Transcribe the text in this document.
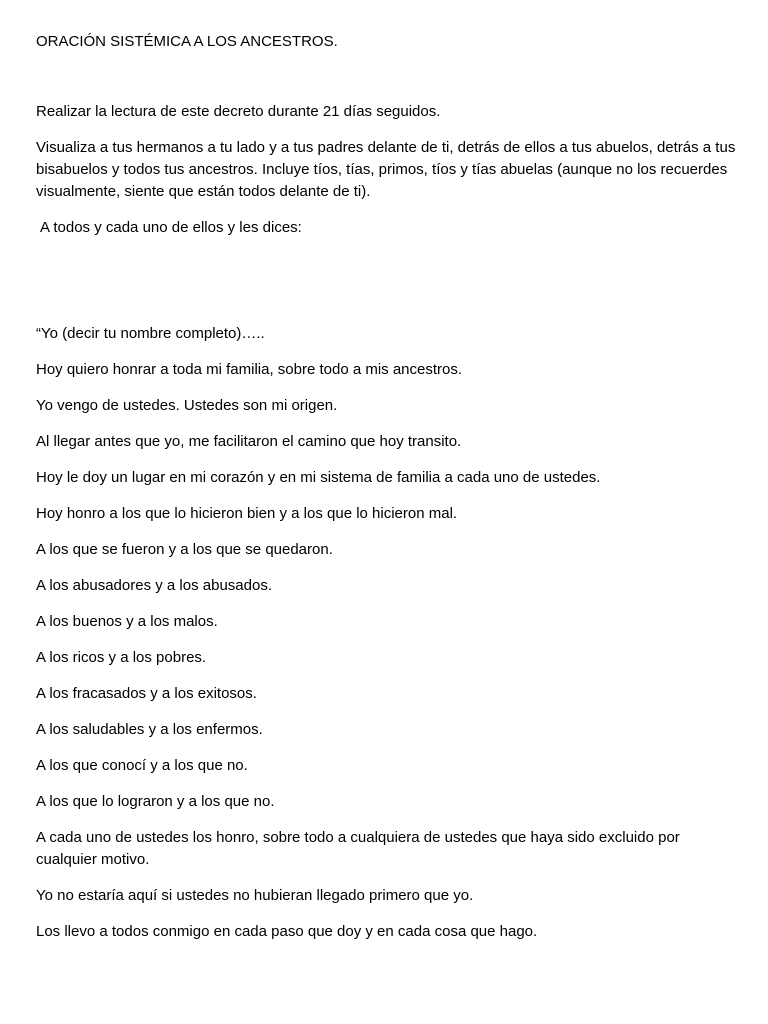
ORACIÓN SISTÉMICA A LOS ANCESTROS.

Realizar la lectura de este decreto durante 21 días seguidos.

Visualiza a tus hermanos a tu lado y a tus padres delante de ti, detrás de ellos a tus abuelos, detrás a tus bisabuelos y todos tus ancestros. Incluye tíos, tías, primos, tíos y tías abuelas (aunque no los recuerdes visualmente, siente que están todos delante de ti).

A todos y cada uno de ellos y les dices:

“Yo (decir tu nombre completo)…..

Hoy quiero honrar a toda mi familia, sobre todo a mis ancestros.

Yo vengo de ustedes. Ustedes son mi origen.

Al llegar antes que yo, me facilitaron el camino que hoy transito.

Hoy le doy un lugar en mi corazón y en mi sistema de familia a cada uno de ustedes.

Hoy honro a los que lo hicieron bien y a los que lo hicieron mal.

A los que se fueron y a los que se quedaron.

A los abusadores y a los abusados.

A los buenos y a los malos.

A los ricos y a los pobres.

A los fracasados y a los exitosos.

A los saludables y a los enfermos.

A los que conocí y a los que no.

A los que lo lograron y a los que no.

A cada uno de ustedes los honro, sobre todo a cualquiera de ustedes que haya sido excluido por cualquier motivo.

Yo no estaría aquí si ustedes no hubieran llegado primero que yo.

Los llevo a todos conmigo en cada paso que doy y en cada cosa que hago.
